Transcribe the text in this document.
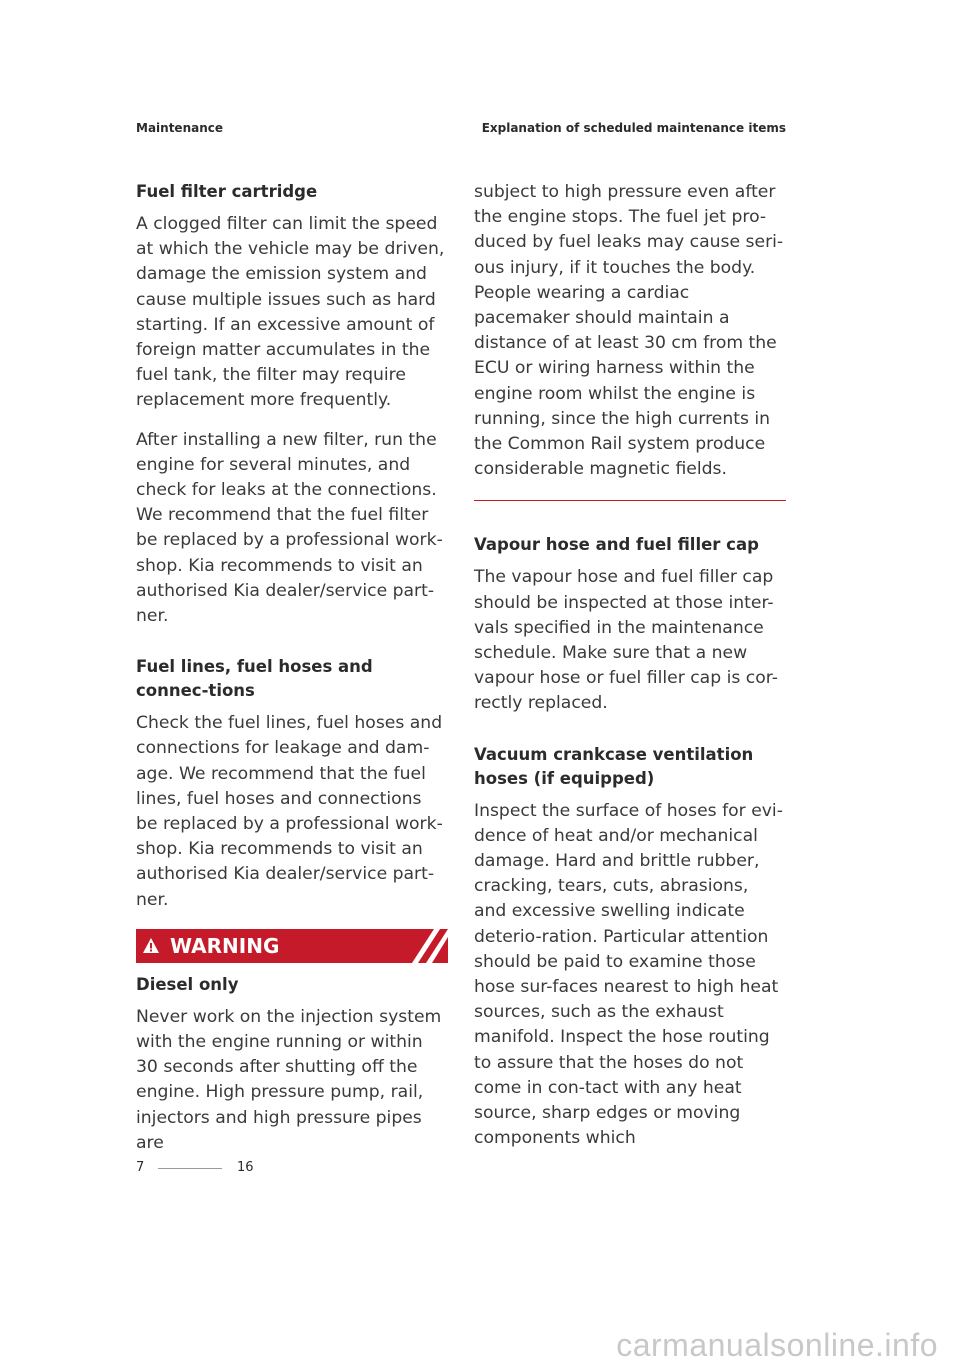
Maintenance	Explanation of scheduled maintenance items
Fuel filter cartridge

A clogged filter can limit the speed at which the vehicle may be driven, damage the emission system and cause multiple issues such as hard starting. If an excessive amount of foreign matter accumulates in the fuel tank, the filter may require replacement more frequently.

After installing a new filter, run the engine for several minutes, and check for leaks at the connections. We recommend that the fuel filter be replaced by a professional work-shop. Kia recommends to visit an authorised Kia dealer/service part-ner.

Fuel lines, fuel hoses and connec-tions

Check the fuel lines, fuel hoses and connections for leakage and dam-age. We recommend that the fuel lines, fuel hoses and connections be replaced by a professional work-shop. Kia recommends to visit an authorised Kia dealer/service part-ner.

WARNING
Diesel only

Never work on the injection system with the engine running or within 30 seconds after shutting off the engine. High pressure pump, rail, injectors and high pressure pipes are

subject to high pressure even after the engine stops. The fuel jet pro-duced by fuel leaks may cause seri-ous injury, if it touches the body. People wearing a cardiac pacemaker should maintain a distance of at least 30 cm from the ECU or wiring harness within the engine room whilst the engine is running, since the high currents in the Common Rail system produce considerable magnetic fields.

Vapour hose and fuel filler cap

The vapour hose and fuel filler cap should be inspected at those inter-vals specified in the maintenance schedule. Make sure that a new vapour hose or fuel filler cap is cor-rectly replaced.

Vacuum crankcase ventilation hoses (if equipped)

Inspect the surface of hoses for evi-dence of heat and/or mechanical damage. Hard and brittle rubber, cracking, tears, cuts, abrasions, and excessive swelling indicate deterio-ration. Particular attention should be paid to examine those hose sur-faces nearest to high heat sources, such as the exhaust manifold. Inspect the hose routing to assure that the hoses do not come in con-tact with any heat source, sharp edges or moving components which

7	16
carmanualsonline.info
